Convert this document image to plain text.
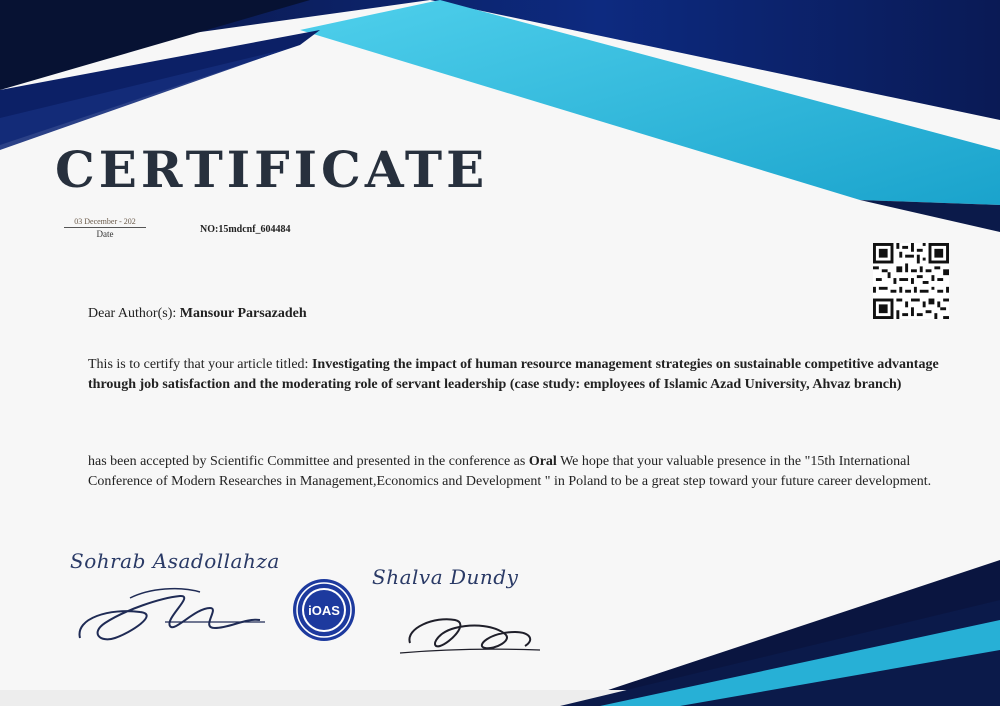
CERTIFICATE
03 December - 202
Date	NO:15mdcnf_604484
Dear Author(s): Mansour Parsazadeh

This is to certify that your article titled: Investigating the impact of human resource management strategies on sustainable competitive advantage through job satisfaction and the moderating role of servant leadership (case study: employees of Islamic Azad University, Ahvaz branch)

has been accepted by Scientific Committee and presented in the conference as Oral We hope that your valuable presence in the "15th International Conference of Modern Researches in Management,Economics and Development " in Poland to be a great step toward your future career development.

Sohrab Asadollahza
iOAS
Shalva Dundy
